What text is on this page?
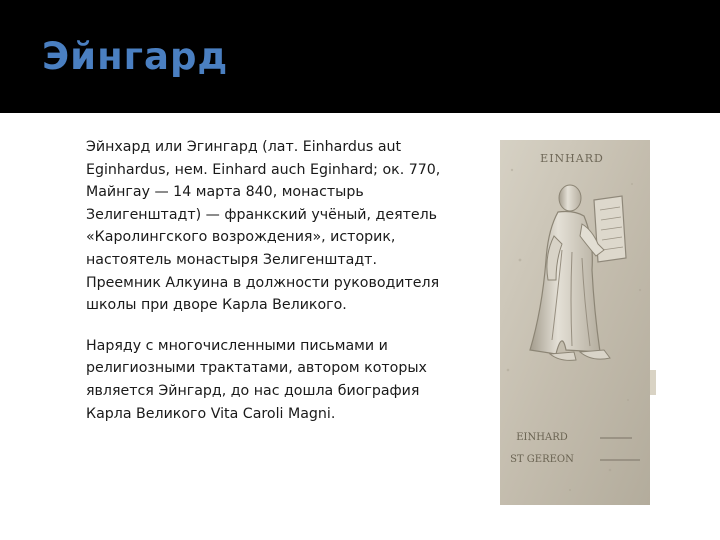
Эйнгард

Эйнхард или Эгингард (лат. Einhardus aut Eginhardus, нем. Einhard auch Eginhard; ок. 770, Майнгау — 14 марта 840, монастырь Зелигенштадт) — франкский учёный, деятель «Каролингского возрождения», историк, настоятель монастыря Зелигенштадт. Преемник Алкуина в должности руководителя школы при дворе Карла Великого.

Наряду с многочисленными письмами и религиозными трактатами, автором которых является Эйнгард, до нас дошла биография Карла Великого Vita Caroli Magni.

EINHARD
EINHARD
ST GEREON
